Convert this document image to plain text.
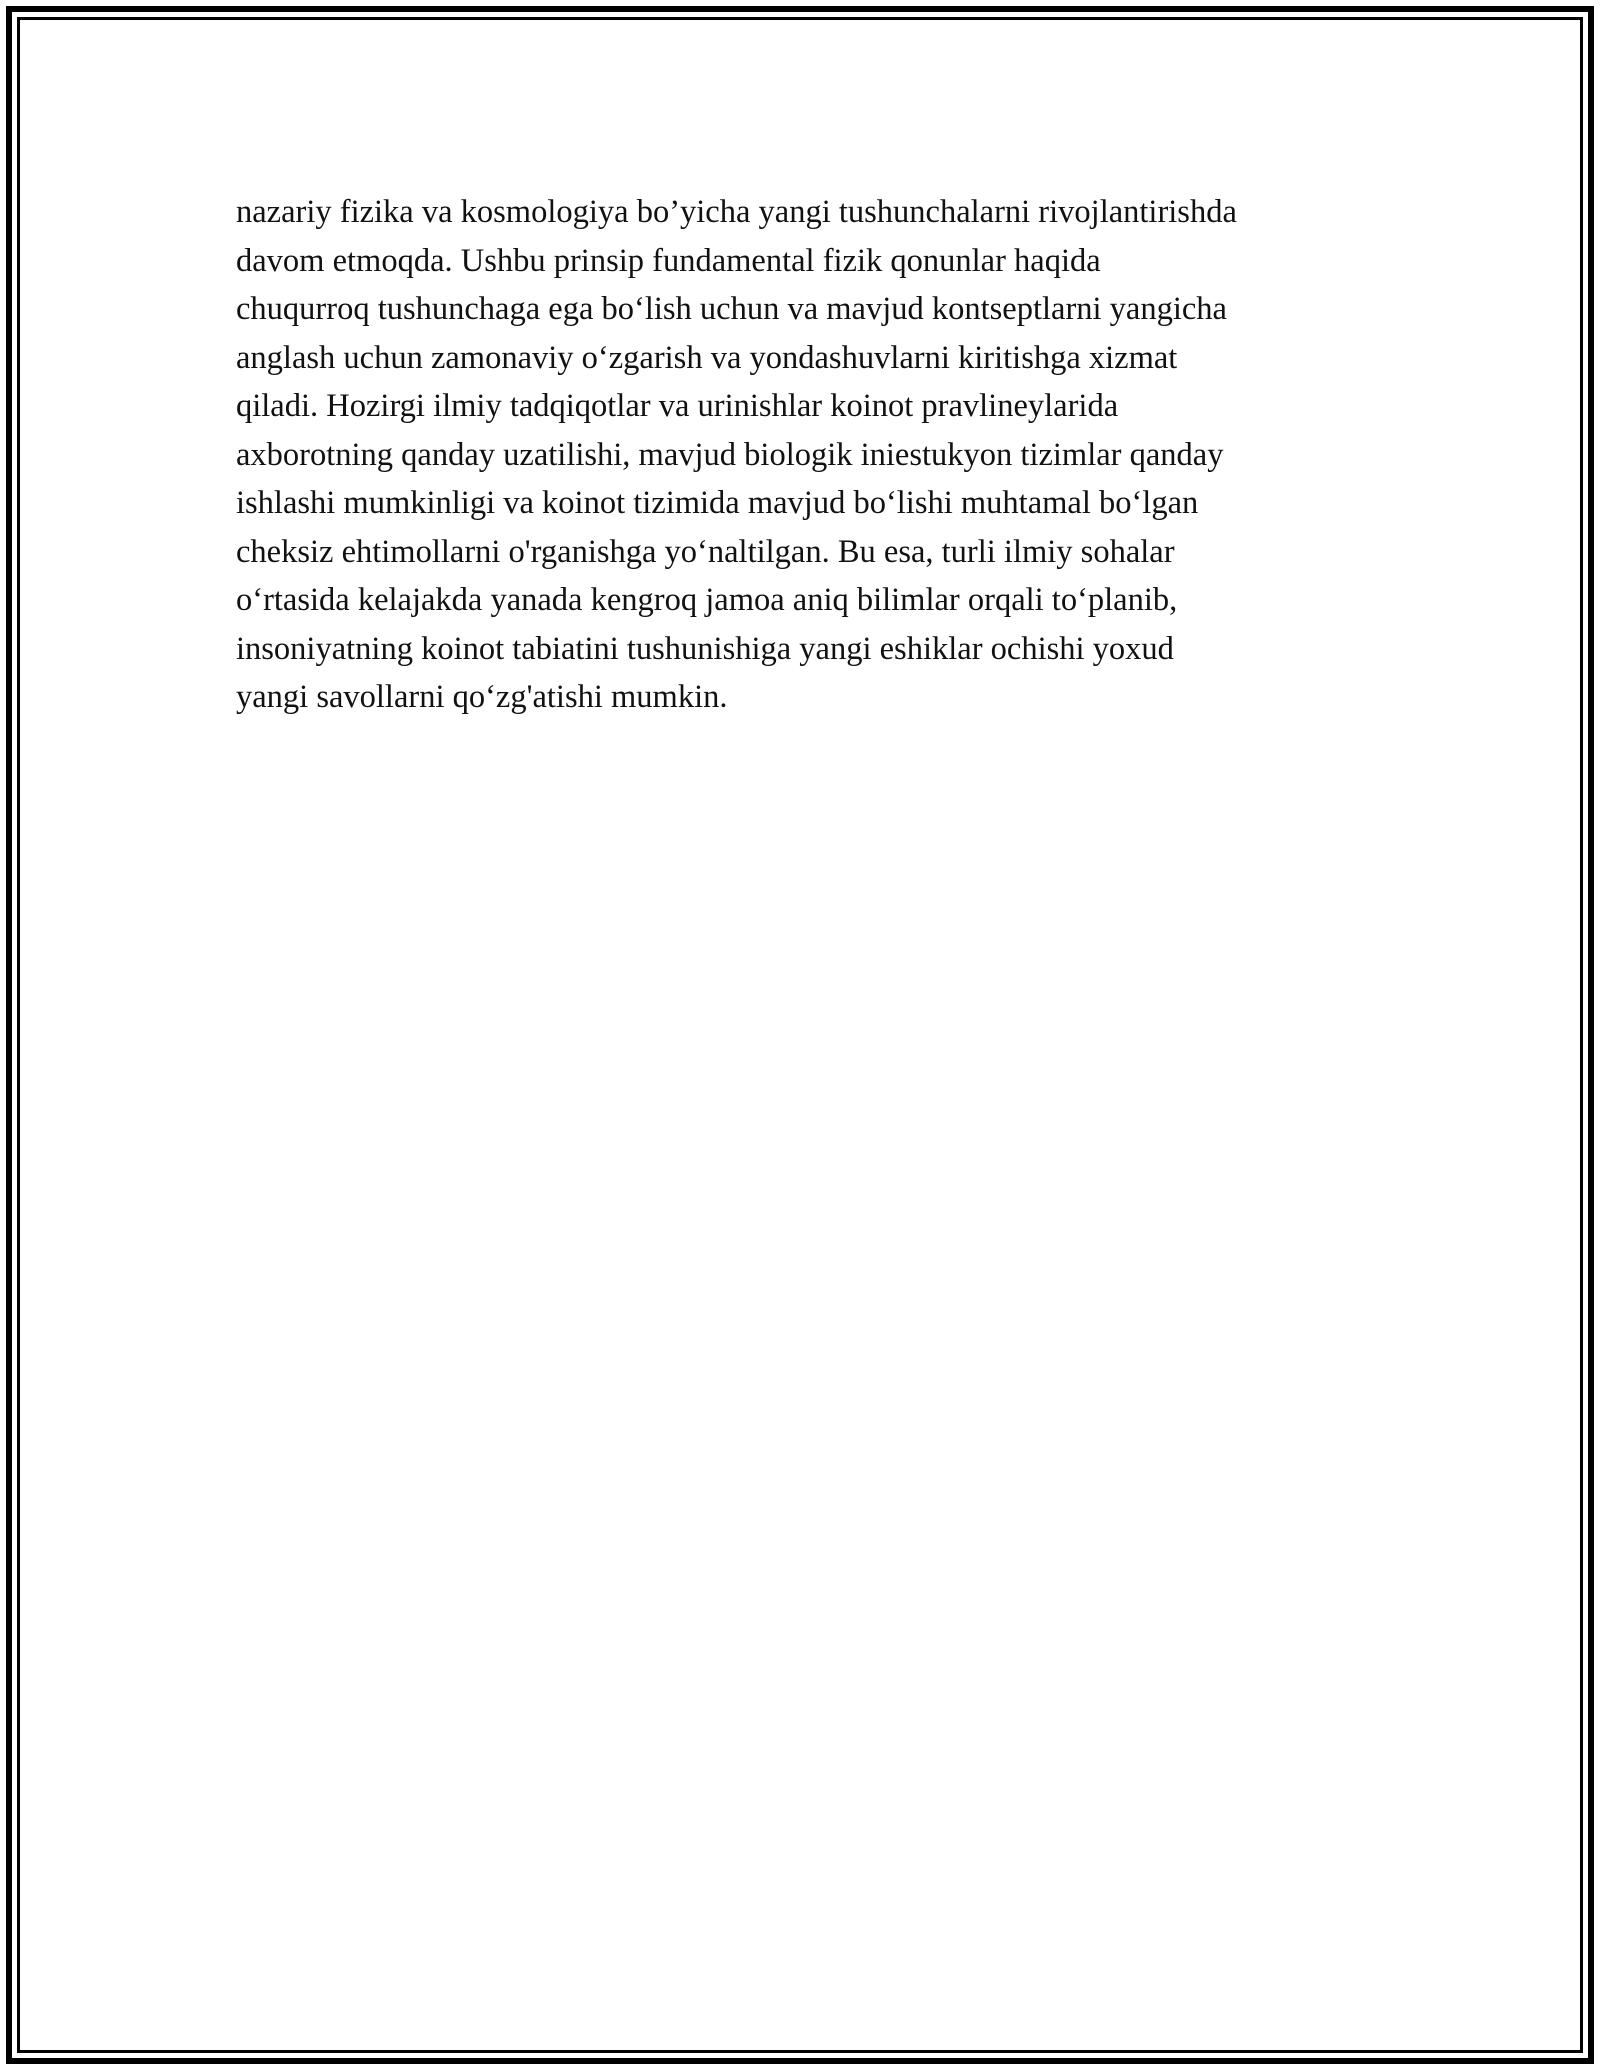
nazariy fizika va kosmologiya bo’yicha yangi tushunchalarni rivojlantirishda
davom etmoqda. Ushbu prinsip fundamental fizik qonunlar haqida
chuqurroq tushunchaga ega bo‘lish uchun va mavjud kontseptlarni yangicha
anglash uchun zamonaviy o‘zgarish va yondashuvlarni kiritishga xizmat
qiladi. Hozirgi ilmiy tadqiqotlar va urinishlar koinot pravlineylarida
axborotning qanday uzatilishi, mavjud biologik iniestukyon tizimlar qanday
ishlashi mumkinligi va koinot tizimida mavjud bo‘lishi muhtamal bo‘lgan
cheksiz ehtimollarni o'rganishga yo‘naltilgan. Bu esa, turli ilmiy sohalar
o‘rtasida kelajakda yanada kengroq jamoa aniq bilimlar orqali to‘planib,
insoniyatning koinot tabiatini tushunishiga yangi eshiklar ochishi yoxud
yangi savollarni qo‘zg'atishi mumkin.
